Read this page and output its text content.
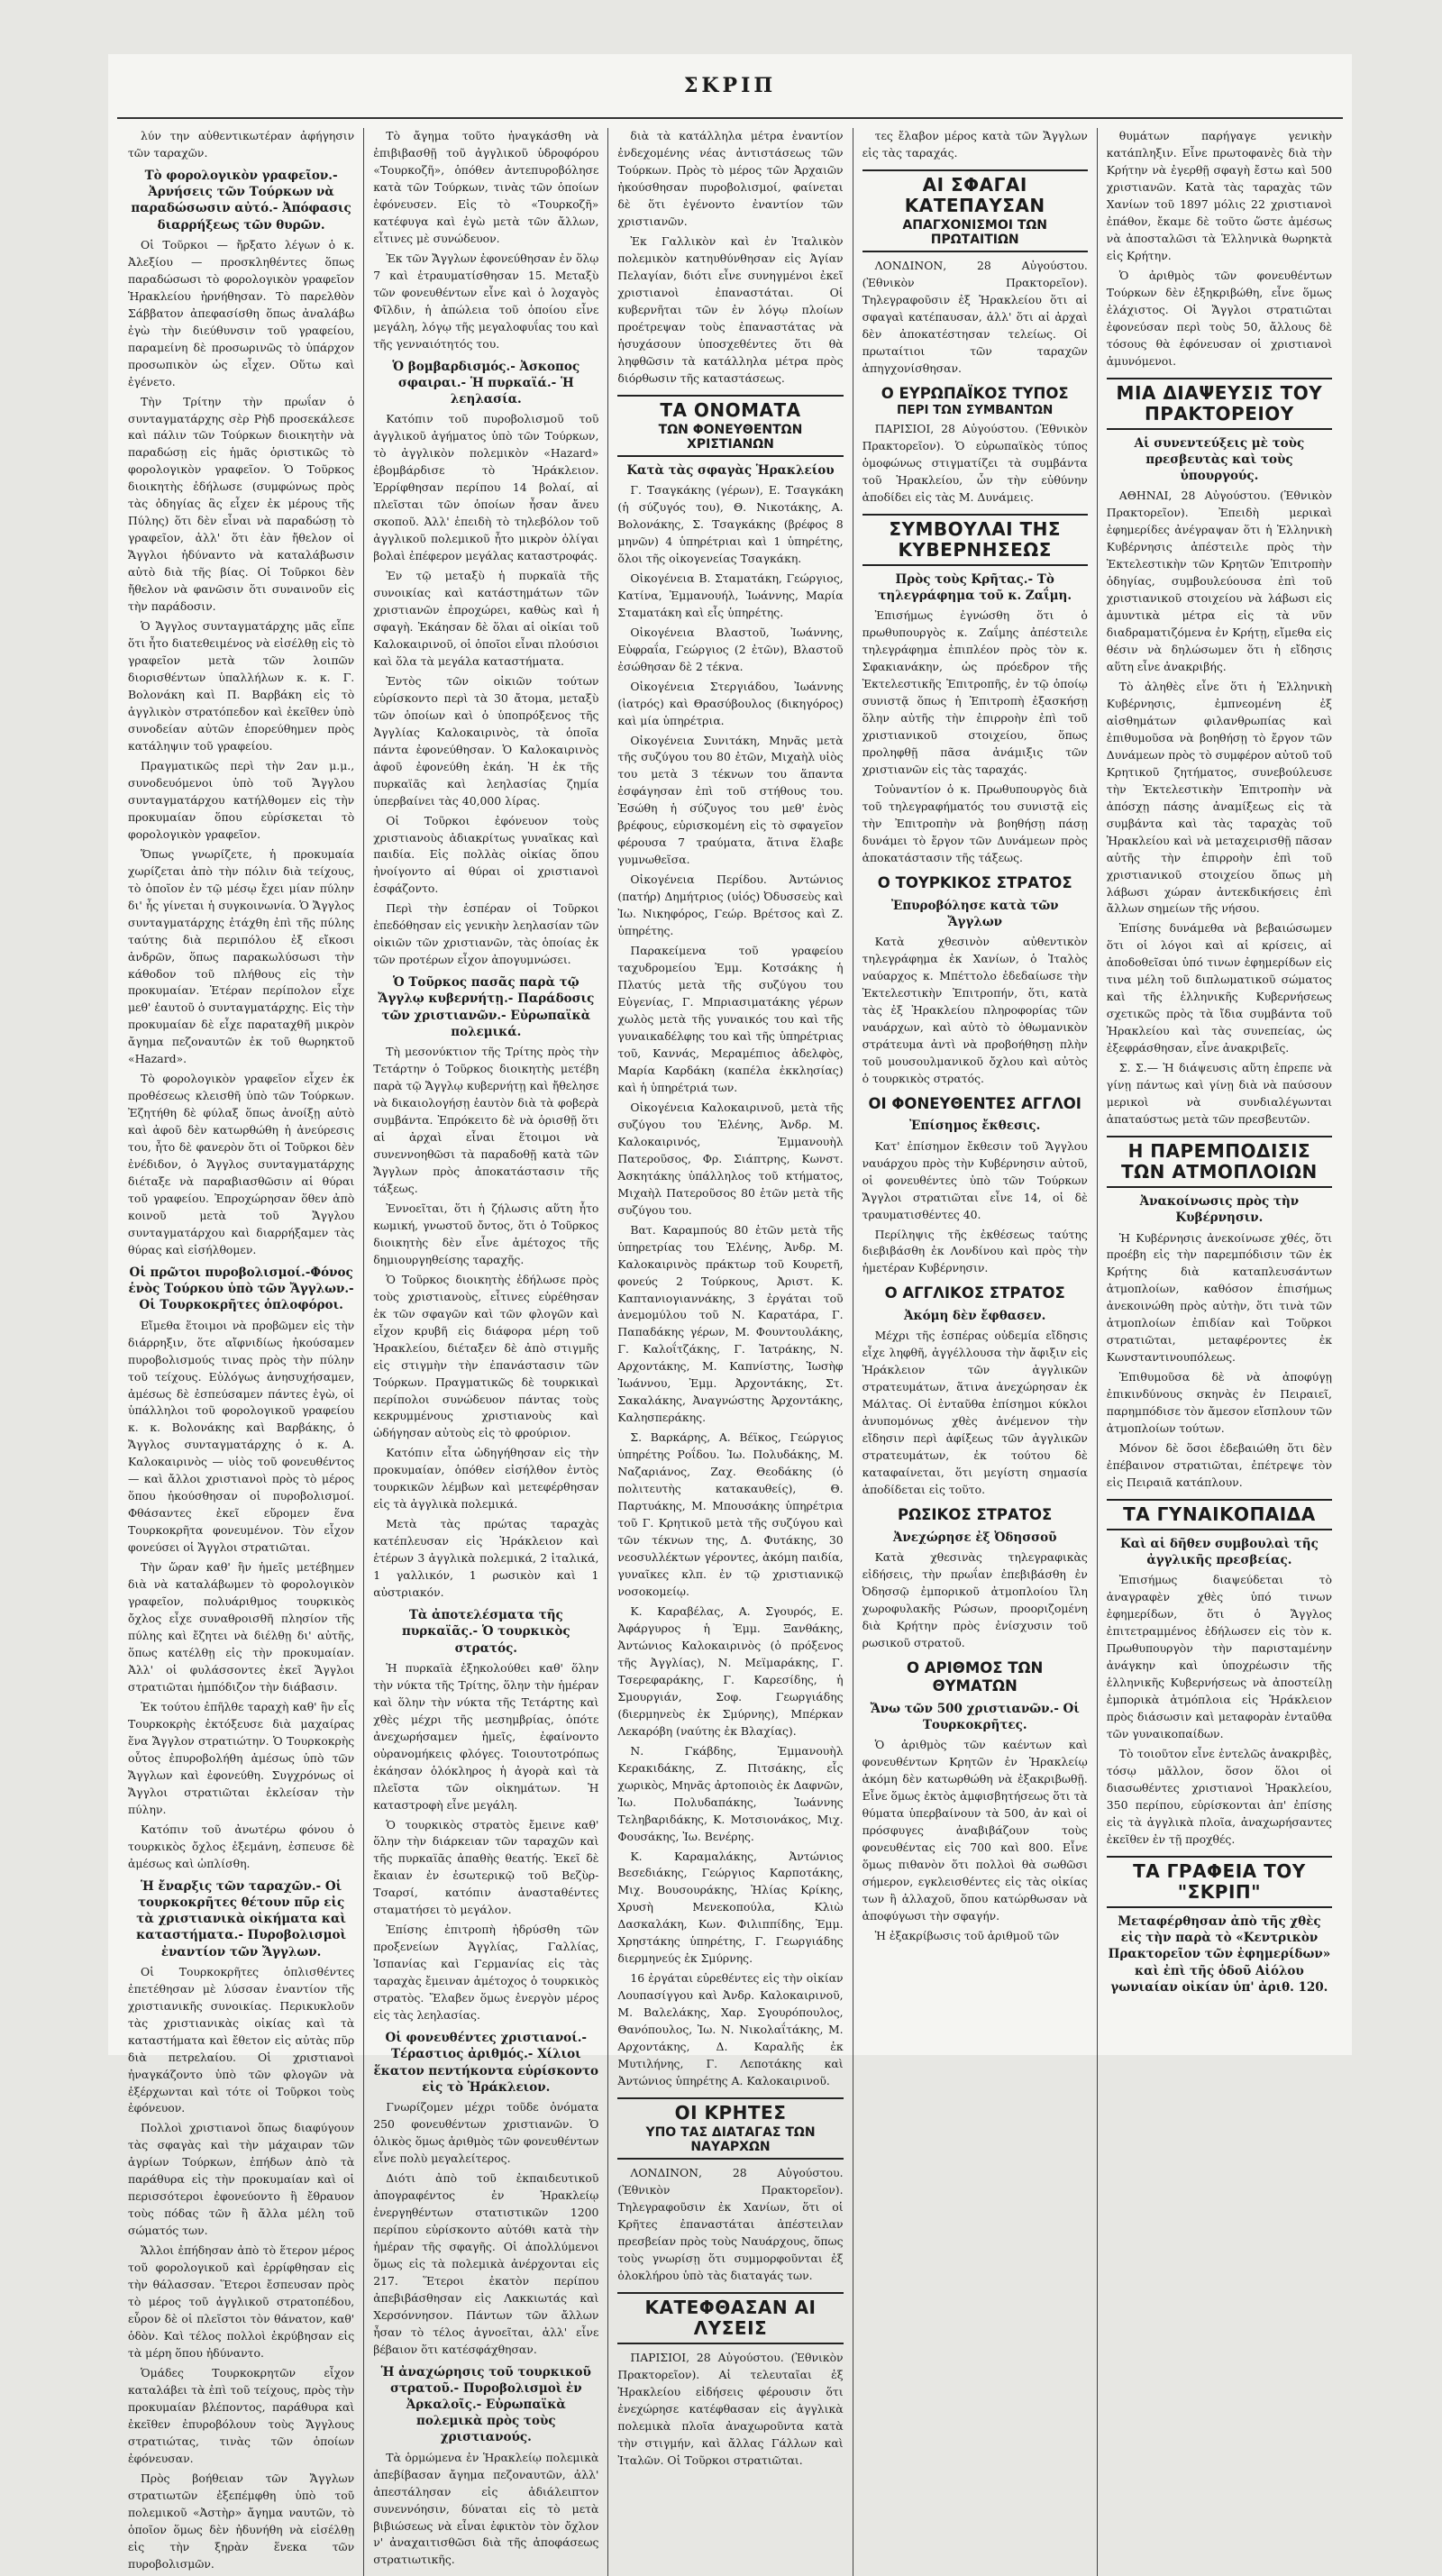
ΣΚΡΙΠ

λύν την αὐθεντικωτέραν ἀφήγησιν τῶν ταραχῶν.

Τὸ φορολογικὸν γραφεῖον.-Ἀρνήσεις τῶν Τούρκων νὰ παραδώσωσιν αὐτό.- Ἀπόφασις διαρρήξεως τῶν θυρῶν.

Οἱ Τοῦρκοι — ἤρξατο λέγων ὁ κ. Ἀλεξίου — προσκληθέντες ὅπως παραδώσωσι τὸ φορολογικὸν γραφεῖον Ἡρακλείου ἠρνήθησαν. Τὸ παρελθὸν Σάββατον ἀπεφασίσθη ὅπως ἀναλάβω ἐγὼ τὴν διεύθυνσιν τοῦ γραφείου, παραμείνη δὲ προσωρινῶς τὸ ὑπάρχον προσωπικὸν ὡς εἶχεν. Οὕτω καὶ ἐγένετο.

Τὴν Τρίτην τὴν πρωΐαν ὁ συνταγματάρχης σὲρ Ρὴδ προσεκάλεσε καὶ πάλιν τῶν Τούρκων διοικητὴν νὰ παραδώσῃ εἰς ἡμᾶς ὁριστικῶς τὸ φορολογικὸν γραφεῖον. Ὁ Τοῦρκος διοικητὴς ἐδήλωσε (συμφώνως πρὸς τὰς ὁδηγίας ἃς εἶχεν ἐκ μέρους τῆς Πύλης) ὅτι δὲν εἶναι νὰ παραδώσῃ τὸ γραφεῖον, ἀλλ' ὅτι ἐὰν ἤθελον οἱ Ἄγγλοι ἠδύναντο νὰ καταλάβωσιν αὐτὸ διὰ τῆς βίας. Οἱ Τοῦρκοι δὲν ἤθελον νὰ φανῶσιν ὅτι συναινοῦν εἰς τὴν παράδοσιν.

Ὁ Ἄγγλος συνταγματάρχης μᾶς εἶπε ὅτι ἦτο διατεθειμένος νὰ εἰσέλθῃ εἰς τὸ γραφεῖον μετὰ τῶν λοιπῶν διορισθέντων ὑπαλλήλων κ. κ. Γ. Βολονάκη καὶ Π. Βαρβάκη εἰς τὸ ἀγγλικὸν στρατόπεδον καὶ ἐκεῖθεν ὑπὸ συνοδείαν αὐτῶν ἐπορεύθημεν πρὸς κατάληψιν τοῦ γραφείου.

Πραγματικῶς περὶ τὴν 2αν μ.μ., συνοδευόμενοι ὑπὸ τοῦ Ἄγγλου συνταγματάρχου κατήλθομεν εἰς τὴν προκυμαίαν ὅπου εὑρίσκεται τὸ φορολογικὸν γραφεῖον.

Ὅπως γνωρίζετε, ἡ προκυμαία χωρίζεται ἀπὸ τὴν πόλιν διὰ τείχους, τὸ ὁποῖον ἐν τῷ μέσῳ ἔχει μίαν πύλην δι' ἧς γίνεται ἡ συγκοινωνία. Ὁ Ἄγγλος συνταγματάρχης ἐτάχθη ἐπὶ τῆς πύλης ταύτης διὰ περιπόλου ἐξ εἴκοσι ἀνδρῶν, ὅπως παρακωλύσωσι τὴν κάθοδον τοῦ πλήθους εἰς τὴν προκυμαίαν. Ἑτέραν περίπολον εἶχε μεθ' ἑαυτοῦ ὁ συνταγματάρχης. Εἰς τὴν προκυμαίαν δὲ εἶχε παραταχθῆ μικρὸν ἄγημα πεζοναυτῶν ἐκ τοῦ θωρηκτοῦ «Hazard».

Τὸ φορολογικὸν γραφεῖον εἶχεν ἐκ προθέσεως κλεισθῆ ὑπὸ τῶν Τούρκων. Ἐζητήθη δὲ φύλαξ ὅπως ἀνοίξῃ αὐτὸ καὶ ἀφοῦ δὲν κατωρθώθη ἡ ἀνεύρεσις του, ἦτο δὲ φανερὸν ὅτι οἱ Τοῦρκοι δὲν ἐνέδιδον, ὁ Ἄγγλος συνταγματάρχης διέταξε νὰ παραβιασθῶσιν αἱ θύραι τοῦ γραφείου. Ἐπροχώρησαν ὅθεν ἀπὸ κοινοῦ μετὰ τοῦ Ἄγγλου συνταγματάρχου καὶ διαρρήξαμεν τὰς θύρας καὶ εἰσήλθομεν.

Οἱ πρῶτοι πυροβολισμοί.-Φόνος ἑνὸς Τούρκου ὑπὸ τῶν Ἄγγλων.-Οἱ Τουρκοκρῆτες ὁπλοφόροι.

Εἴμεθα ἕτοιμοι νὰ προβῶμεν εἰς τὴν διάρρηξιν, ὅτε αἴφνιδίως ἠκούσαμεν πυροβολισμούς τινας πρὸς τὴν πύλην τοῦ τείχους. Εὐλόγως ἀνησυχήσαμεν, ἀμέσως δὲ ἐσπεύσαμεν πάντες ἐγὼ, οἱ ὑπάλληλοι τοῦ φορολογικοῦ γραφείου κ. κ. Βολονάκης καὶ Βαρβάκης, ὁ Ἄγγλος συνταγματάρχης ὁ κ. Α. Καλοκαιρινὸς — υἱὸς τοῦ φονευθέντος — καὶ ἄλλοι χριστιανοὶ πρὸς τὸ μέρος ὅπου ἠκούσθησαν οἱ πυροβολισμοί. Φθάσαντες ἐκεῖ εὕρομεν ἕνα Τουρκοκρῆτα φονευμένον. Τὸν εἶχον φονεύσει οἱ Ἄγγλοι στρατιῶται.

Τὴν ὥραν καθ' ἣν ἡμεῖς μετέβημεν διὰ νὰ καταλάβωμεν τὸ φορολογικὸν γραφεῖον, πολυάριθμος τουρκικὸς ὄχλος εἶχε συναθροισθῆ πλησίον τῆς πύλης καὶ ἔζητει νὰ διέλθῃ δι' αὐτῆς, ὅπως κατέλθῃ εἰς τὴν προκυμαίαν. Ἀλλ' οἱ φυλάσσοντες ἐκεῖ Ἄγγλοι στρατιῶται ἠμπόδιζον τὴν διάβασιν.

Ἐκ τούτου ἐπῆλθε ταραχὴ καθ' ἣν εἷς Τουρκοκρὴς ἐκτόξευσε διὰ μαχαίρας ἕνα Ἄγγλον στρατιώτην. Ὁ Τουρκοκρὴς οὗτος ἐπυροβολήθη ἀμέσως ὑπὸ τῶν Ἄγγλων καὶ ἐφονεύθη. Συγχρόνως οἱ Ἄγγλοι στρατιῶται ἐκλείσαν τὴν πύλην.

Κατόπιν τοῦ ἀνωτέρω φόνου ὁ τουρκικὸς ὄχλος ἐξεμάνη, ἐσπευσε δὲ ἀμέσως καὶ ὡπλίσθη.

Ἡ ἔναρξις τῶν ταραχῶν.- Οἱ τουρκοκρῆτες θέτουν πῦρ εἰς τὰ χριστιανικὰ οἰκήματα καὶ καταστήματα.- Πυροβολισμοὶ ἐναντίον τῶν Ἄγγλων.

Οἱ Τουρκοκρῆτες ὁπλισθέντες ἐπετέθησαν μὲ λύσσαν ἐναντίον τῆς χριστιανικῆς συνοικίας. Περικυκλοῦν τὰς χριστιανικὰς οἰκίας καὶ τὰ καταστήματα καὶ ἔθετον εἰς αὐτὰς πῦρ διὰ πετρελαίου. Οἱ χριστιανοὶ ἠναγκάζοντο ὑπὸ τῶν φλογῶν νὰ ἐξέρχωνται καὶ τότε οἱ Τοῦρκοι τοὺς ἐφόνευον.

Πολλοὶ χριστιανοὶ ὅπως διαφύγουν τὰς σφαγὰς καὶ τὴν μάχαιραν τῶν ἀγρίων Τούρκων, ἐπήδων ἀπὸ τὰ παράθυρα εἰς τὴν προκυμαίαν καὶ οἱ περισσότεροι ἐφονεύοντο ἢ ἔθραυον τοὺς πόδας τῶν ἢ ἄλλα μέλη τοῦ σώματός των.

Ἄλλοι ἐπήδησαν ἀπὸ τὸ ἕτερον μέρος τοῦ φορολογικοῦ καὶ ἐρρίφθησαν εἰς τὴν θάλασσαν. Ἕτεροι ἔσπευσαν πρὸς τὸ μέρος τοῦ ἀγγλικοῦ στρατοπέδου, εὗρον δὲ οἱ πλεῖστοι τὸν θάνατον, καθ' ὁδὸν. Καὶ τέλος πολλοὶ ἐκρύβησαν εἰς τὰ μέρη ὅπου ἠδύναντο.

Ὁμάδες Τουρκοκρητῶν εἶχον καταλάβει τὰ ἐπὶ τοῦ τείχους, πρὸς τὴν προκυμαίαν βλέποντος, παράθυρα καὶ ἐκεῖθεν ἐπυροβόλουν τοὺς Ἄγγλους στρατιώτας, τινὰς τῶν ὁποίων ἐφόνευσαν.

Πρὸς βοήθειαν τῶν Ἄγγλων στρατιωτῶν ἐξεπέμφθη ὑπὸ τοῦ πολεμικοῦ «Ἀστὴρ» ἄγημα ναυτῶν, τὸ ὁποῖον ὅμως δὲν ἠδυνήθη νὰ εἰσέλθῃ εἰς τὴν ξηρὰν ἕνεκα τῶν πυροβολισμῶν.

Τὸ ἄγημα τοῦτο ἠναγκάσθη νὰ ἐπιβιβασθῇ τοῦ ἀγγλικοῦ ὑδροφόρου «Τουρκοζῆ», ὁπόθεν ἀντεπυροβόλησε κατὰ τῶν Τούρκων, τινὰς τῶν ὁποίων ἐφόνευσεν. Εἰς τὸ «Τουρκοζῆ» κατέφυγα καὶ ἐγὼ μετὰ τῶν ἄλλων, εἶτινες μὲ συνώδευον.

Ἐκ τῶν Ἄγγλων ἐφονεύθησαν ἐν ὅλῳ 7 καὶ ἐτραυματίσθησαν 15. Μεταξὺ τῶν φονευθέντων εἶνε καὶ ὁ λοχαγὸς Φῖλδιν, ἡ ἀπώλεια τοῦ ὁποίου εἶνε μεγάλη, λόγῳ τῆς μεγαλοφυΐας του καὶ τῆς γενναιότητός του.

Ὁ βομβαρδισμός.- Ἀσκοπος σφαιραι.- Ἡ πυρκαϊά.- Ἡ λεηλασία.

Κατόπιν τοῦ πυροβολισμοῦ τοῦ ἀγγλικοῦ ἀγήματος ὑπὸ τῶν Τούρκων, τὸ ἀγγλικὸν πολεμικὸν «Hazard» ἐβομβάρδισε τὸ Ἡράκλειον. Ἐρρίφθησαν περίπου 14 βολαί, αἱ πλεῖσται τῶν ὁποίων ἦσαν ἄνευ σκοποῦ. Ἀλλ' ἐπειδὴ τὸ τηλεβόλον τοῦ ἀγγλικοῦ πολεμικοῦ ἦτο μικρὸν ὀλίγαι βολαὶ ἐπέφερον μεγάλας καταστροφάς.

Ἐν τῷ μεταξὺ ἡ πυρκαϊὰ τῆς συνοικίας καὶ κατάστημάτων τῶν χριστιανῶν ἐπροχώρει, καθὼς καὶ ἡ σφαγὴ. Ἐκάησαν δὲ ὅλαι αἱ οἰκίαι τοῦ Καλοκαιρινοῦ, οἱ ὁποῖοι εἶναι πλούσιοι καὶ ὅλα τὰ μεγάλα καταστήματα.

Ἐντὸς τῶν οἰκιῶν τούτων εὑρίσκοντο περὶ τὰ 30 ἄτομα, μεταξὺ τῶν ὁποίων καὶ ὁ ὑποπρόξενος τῆς Ἀγγλίας Καλοκαιρινὸς, τὰ ὁποῖα πάντα ἐφονεύθησαν. Ὁ Καλοκαιρινὸς ἀφοῦ ἐφονεύθη ἐκάη. Ἡ ἐκ τῆς πυρκαϊᾶς καὶ λεηλασίας ζημία ὑπερβαίνει τὰς 40,000 λίρας.

Οἱ Τοῦρκοι ἐφόνευον τοὺς χριστιανοὺς ἀδιακρίτως γυναῖκας καὶ παιδία. Εἰς πολλὰς οἰκίας ὅπου ἠνοίγοντο αἱ θύραι οἱ χριστιανοὶ ἐσφάζοντο.

Περὶ τὴν ἑσπέραν οἱ Τοῦρκοι ἐπεδόθησαν εἰς γενικὴν λεηλασίαν τῶν οἰκιῶν τῶν χριστιανῶν, τὰς ὁποίας ἐκ τῶν προτέρων εἶχον ἀπογυμνώσει.

Ὁ Τοῦρκος πασᾶς παρὰ τῷ Ἄγγλῳ κυβερνήτῃ.- Παράδοσις τῶν χριστιανῶν.- Εὐρωπαϊκὰ πολεμικά.

Τὴ μεσονύκτιον τῆς Τρίτης πρὸς τὴν Τετάρτην ὁ Τοῦρκος διοικητὴς μετέβη παρὰ τῷ Ἄγγλῳ κυβερνήτῃ καὶ ἤθελησε νὰ δικαιολογήσῃ ἑαυτὸν διὰ τὰ φοβερὰ συμβάντα. Ἐπρόκειτο δὲ νὰ ὁρισθῇ ὅτι αἱ ἀρχαὶ εἶναι ἕτοιμοι νὰ συνεννοηθῶσι τὰ παραδοθῇ κατὰ τῶν Ἄγγλων πρὸς ἀποκατάστασιν τῆς τάξεως.

Ἐννοεῖται, ὅτι ἡ ζήλωσις αὕτη ἦτο κωμική, γνωστοῦ ὄντος, ὅτι ὁ Τοῦρκος διοικητὴς δὲν εἶνε ἀμέτοχος τῆς δημιουργηθείσης ταραχῆς.

Ὁ Τοῦρκος διοικητὴς ἐδήλωσε πρὸς τοὺς χριστιανοὺς, εἶτινες εὑρέθησαν ἐκ τῶν σφαγῶν καὶ τῶν φλογῶν καὶ εἶχον κρυβῆ εἰς διάφορα μέρη τοῦ Ἡρακλείου, διέταξεν δὲ ἀπὸ στιγμῆς εἰς στιγμὴν τὴν ἐπανάστασιν τῶν Τούρκων. Πραγματικῶς δὲ τουρκικαὶ περίπολοι συνώδευον πάντας τοὺς κεκρυμμένους χριστιανοὺς καὶ ὡδήγησαν αὐτοὺς εἰς τὸ φρούριον.

Κατόπιν εἶτα ὡδηγήθησαν εἰς τὴν προκυμαίαν, ὁπόθεν εἰσήλθον ἐντὸς τουρκικῶν λέμβων καὶ μετεφέρθησαν εἰς τὰ ἀγγλικὰ πολεμικά.

Μετὰ τὰς πρώτας ταραχὰς κατέπλευσαν εἰς Ἡράκλειον καὶ ἑτέρων 3 ἀγγλικὰ πολεμικά, 2 ἰταλικά, 1 γαλλικόν, 1 ρωσικὸν καὶ 1 αὐστριακόν.

Τὰ ἀποτελέσματα τῆς πυρκαϊᾶς.- Ὁ τουρκικὸς στρατός.

Ἡ πυρκαϊὰ ἐξηκολούθει καθ' ὅλην τὴν νύκτα τῆς Τρίτης, ὅλην τὴν ἡμέραν καὶ ὅλην τὴν νύκτα τῆς Τετάρτης καὶ χθὲς μέχρι τῆς μεσημβρίας, ὁπότε ἀνεχωρήσαμεν ἡμεῖς, ἐφαίνοντο οὐρανομήκεις φλόγες. Τοιουτοτρόπως ἐκάησαν ὁλόκληρος ἡ ἀγορὰ καὶ τὰ πλεῖστα τῶν οἰκημάτων. Ἡ καταστροφὴ εἶνε μεγάλη.

Ὁ τουρκικὸς στρατὸς ἔμεινε καθ' ὅλην τὴν διάρκειαν τῶν ταραχῶν καὶ τῆς πυρκαϊᾶς ἀπαθὴς θεατής. Ἐκεῖ δὲ ἔκαιαν ἐν ἐσωτερικῷ τοῦ Βεζὺρ-Τσαρσί, κατόπιν ἀνασταθέντες σταματήσει τὸ μεγάλον.

Ἐπίσης ἐπιτροπὴ ἠδρύσθη τῶν προξενείων Ἀγγλίας, Γαλλίας, Ἰσπανίας καὶ Γερμανίας εἰς τὰς ταραχὰς ἔμειναν ἀμέτοχος ὁ τουρκικὸς στρατὸς. Ἔλαβεν ὅμως ἐνεργὸν μέρος εἰς τὰς λεηλασίας.

Οἱ φονευθέντες χριστιανοί.- Τέραστιος ἀριθμός.- Χίλιοι ἕκατον πεντήκοντα εὑρίσκοντο εἰς τὸ Ἡράκλειον.

Γνωρίζομεν μέχρι τοῦδε ὀνόματα 250 φονευθέντων χριστιανῶν. Ὁ ὁλικὸς ὅμως ἀριθμὸς τῶν φονευθέντων εἶνε πολὺ μεγαλείτερος.

Διότι ἀπὸ τοῦ ἐκπαιδευτικοῦ ἀπογραφέντος ἐν Ἡρακλείῳ ἐνεργηθέντων στατιστικῶν 1200 περίπου εὑρίσκοντο αὐτόθι κατὰ τὴν ἡμέραν τῆς σφαγῆς. Οἱ ἀπολλύμενοι ὅμως εἰς τὰ πολεμικὰ ἀνέρχονται εἰς 217. Ἕτεροι ἐκατὸν περίπου ἀπεβιβάσθησαν εἰς Λακκιωτάς καὶ Χερσόννησον. Πάντων τῶν ἄλλων ἦσαν τὸ τέλος ἀγνοεῖται, ἀλλ' εἶνε βέβαιον ὅτι κατέσφάχθησαν.

Ἡ ἀναχώρησις τοῦ τουρκικοῦ στρατοῦ.- Πυροβολισμοὶ ἐν Ἀρκαλοῖς.- Εὐρωπαϊκὰ πολεμικὰ πρὸς τοὺς χριστιανούς.

Τὰ ὁρμώμενα ἐν Ἡρακλείῳ πολεμικὰ ἀπεβίβασαν ἄγημα πεζοναυτῶν, ἀλλ' ἀπεστάλησαν εἰς ἀδιάλειπτον συνεννόησιν, δύναται εἰς τὸ μετὰ βιβιώσεως νὰ εἶναι ἐφικτὸν τὸν ὄχλον ν' ἀναχαιτισθῶσι διὰ τῆς ἀποφάσεως στρατιωτικῆς.

διὰ τὰ κατάλληλα μέτρα ἐναντίον ἐνδεχομένης νέας ἀντιστάσεως τῶν Τούρκων. Πρὸς τὸ μέρος τῶν Ἀρχαιῶν ἠκούσθησαν πυροβολισμοί, φαίνεται δὲ ὅτι ἐγένοντο ἐναντίον τῶν χριστιανῶν.

Ἐκ Γαλλικὸν καὶ ἐν Ἰταλικὸν πολεμικὸν κατηυθύνθησαν εἰς Ἀγίαν Πελαγίαν, διότι εἶνε συνηγμένοι ἐκεῖ χριστιανοὶ ἐπαναστάται. Οἱ κυβερνῆται τῶν ἐν λόγῳ πλοίων προέτρεψαν τοὺς ἐπαναστάτας νὰ ἡσυχάσουν ὑποσχεθέντες ὅτι θὰ ληφθῶσιν τὰ κατάλληλα μέτρα πρὸς διόρθωσιν τῆς καταστάσεως.

ΤΑ ΟΝΟΜΑΤΑ
ΤΩΝ ΦΟΝΕΥΘΕΝΤΩΝ ΧΡΙΣΤΙΑΝΩΝ
Κατὰ τὰς σφαγὰς Ἡρακλείου

Γ. Τσαγκάκης (γέρων), Ε. Τσαγκάκη (ἡ σύζυγός του), Θ. Νικοτάκης, Α. Βολονάκης, Σ. Τσαγκάκης (βρέφος 8 μηνῶν) 4 ὑπηρέτριαι καὶ 1 ὑπηρέτης, ὅλοι τῆς οἰκογενείας Τσαγκάκη.

Οἰκογένεια Β. Σταματάκη, Γεώργιος, Κατίνα, Ἐμμανουήλ, Ἰωάννης, Μαρία Σταματάκη καὶ εἷς ὑπηρέτης.

Οἰκογένεια Βλαστοῦ, Ἰωάννης, Εὐφραΐα, Γεώργιος (2 ἐτῶν), Βλαστοῦ ἐσώθησαν δὲ 2 τέκνα.

Οἰκογένεια Στεργιάδου, Ἰωάννης (ἰατρός) καὶ Θρασύβουλος (δικηγόρος) καὶ μία ὑπηρέτρια.

Οἰκογένεια Συνιτάκη, Μηνᾶς μετὰ τῆς συζύγου του 80 ἐτῶν, Μιχαὴλ υἱὸς του μετὰ 3 τέκνων του ἅπαντα ἐσφάγησαν ἐπὶ τοῦ στήθους του. Ἐσώθη ἡ σύζυγος του μεθ' ἑνὸς βρέφους, εὑρισκομένη εἰς τὸ σφαγεῖον φέρουσα 7 τραύματα, ἅτινα ἔλαβε γυμνωθεῖσα.

Οἰκογένεια Περίδου. Ἀντώνιος (πατήρ) Δημήτριος (υἱός) Ὀδυσσεὺς καὶ Ἰω. Νικηφόρος, Γεώρ. Βρέτσος καὶ Ζ. ὑπηρέτης.

Παρακείμενα τοῦ γραφείου ταχυδρομείου Ἐμμ. Κοτσάκης ἡ Πλατύς μετὰ τῆς συζύγου του Εὐγενίας, Γ. Μπριασιματάκης γέρων χωλὸς μετὰ τῆς γυναικός του καὶ τῆς γυναικαδέλφης του καὶ τῆς ὑπηρέτριας τοῦ, Καννάς, Μεραμέπιος ἀδελφὸς, Μαρία Καρδάκη (καπέλα ἐκκλησίας) καὶ ἡ ὑπηρέτριά των.

Οἰκογένεια Καλοκαιρινοῦ, μετὰ τῆς συζύγου του Ἑλένης, Ἀνδρ. Μ. Καλοκαιρινός, Ἐμμανουὴλ Πατεροῦσος, Φρ. Σιάπτρης, Κωνστ. Ἀσκητάκης ὑπάλληλος τοῦ κτήματος, Μιχαὴλ Πατεροῦσος 80 ἐτῶν μετὰ τῆς συζύγου του.

Βατ. Καραμπούς 80 ἐτῶν μετὰ τῆς ὑπηρετρίας του Ἑλένης, Ἀνδρ. Μ. Καλοκαιρινὸς πράκτωρ τοῦ Κουρετῆ, φονεύς 2 Τούρκους, Ἀριστ. Κ. Καπτανιογιαννάκης, 3 ἐργάται τοῦ ἀνεμομύλου τοῦ Ν. Καρατάρα, Γ. Παπαδάκης γέρων, Μ. Φουντουλάκης, Γ. Καλοΐτζάκης, Γ. Ἰατράκης, Ν. Αρχοντάκης, Μ. Καπνίστης, Ἰωσὴφ Ἰωάννου, Ἐμμ. Ἀρχοντάκης, Στ. Σακαλάκης, Ἀναγνώστης Ἀρχοντάκης, Καλησπεράκης.

Σ. Βαρκάρης, Α. Βέϊκος, Γεώργιος ὑπηρέτης Ροΐδου. Ἰω. Πολυδάκης, Μ. Ναζαριάνος, Ζαχ. Θεοδάκης (ὁ πολιτευτὴς κατακαυθείς), Θ. Παρτυάκης, Μ. Μπουσάκης ὑπηρέτρια τοῦ Γ. Κρητικοῦ μετὰ τῆς συζύγου καὶ τῶν τέκνων της, Δ. Φυτάκης, 30 νεοσυλλέκτων γέροντες, ἀκόμη παιδία, γυναῖκες κλπ. ἐν τῷ χριστιανικῷ νοσοκομείῳ.

Κ. Καραβέλας, Α. Σγουρός, Ε. Ἀφάργυρος ἡ Ἐμμ. Ξανθάκης, Ἀντώνιος Καλοκαιρινὸς (ὁ πρόξενος τῆς Ἀγγλίας), Ν. Μεϊμαράκης, Γ. Τσερεφαράκης, Γ. Καρεσίδης, ἡ Σμουργιάν, Σοφ. Γεωργιάδης (διερμηνεὺς ἐκ Σμύρνης), Μπέρκαν Λεκαρόβη (ναύτης ἐκ Βλαχίας).

Ν. Γκάβδης, Ἐμμανουὴλ Κερακιδάκης, Ζ. Πιτσάκης, εἷς χωρικὸς, Μηνᾶς ἀρτοποιὸς ἐκ Δαφνῶν, Ἰω. Πολυδαπάκης, Ἰωάννης Τεληβαριδάκης, Κ. Μοτσιονάκος, Μιχ. Φουσάκης, Ἰω. Βενέρης.

Κ. Καραμαλάκης, Ἀντώνιος Βεσεδιάκης, Γεώργιος Καρποτάκης, Μιχ. Βουσουράκης, Ἠλίας Κρίκης, Χρυσὴ Μενεκοπούλα, Κλιὼ Δασκαλάκη, Κων. Φιλιππίδης, Ἐμμ. Χρηστάκης ὑπηρέτης, Γ. Γεωργιάδης διερμηνεύς ἐκ Σμύρνης.

16 ἐργάται εὑρεθέντες εἰς τὴν οἰκίαν Λουπασίγγου καὶ Ἀνδρ. Καλοκαιρινοῦ, Μ. Βαλελάκης, Χαρ. Σγουρόπουλος, Θανόπουλος, Ἰω. Ν. Νικολαΐτάκης, Μ. Αρχοντάκης, Δ. Καραλῆς ἐκ Μυτιλήνης, Γ. Λεποτάκης καὶ Ἀντώνιος ὑπηρέτης Α. Καλοκαιρινοῦ.

ΟΙ ΚΡΗΤΕΣ
ΥΠΟ ΤΑΣ ΔΙΑΤΑΓΑΣ ΤΩΝ ΝΑΥΑΡΧΩΝ

ΛΟΝΔΙΝΟΝ, 28 Αὐγούστου. (Ἐθνικὸν Πρακτορεῖον). Τηλεγραφοῦσιν ἐκ Χανίων, ὅτι οἱ Κρῆτες ἐπαναστάται ἀπέστειλαν πρεσβείαν πρὸς τοὺς Ναυάρχους, ὅπως τοὺς γνωρίσῃ ὅτι συμμορφοῦνται ἐξ ὁλοκλήρου ὑπὸ τὰς διαταγάς των.

ΚΑΤΕΦΘΑΣΑΝ ΑΙ ΛΥΣΕΙΣ

ΠΑΡΙΣΙΟΙ, 28 Αὐγούστου. (Ἐθνικὸν Πρακτορεῖον). Αἱ τελευταῖαι ἐξ Ἡρακλείου εἰδήσεις φέρουσιν ὅτι ἐνεχώρησε κατέφθασαν εἰς ἀγγλικὰ πολεμικὰ πλοῖα ἀναχωροῦντα κατὰ τὴν στιγμήν, καὶ ἄλλας Γάλλων καὶ Ἰταλῶν. Οἱ Τοῦρκοι στρατιῶται.

τες ἔλαβον μέρος κατὰ τῶν Ἄγγλων εἰς τὰς ταραχάς.

ΑΙ ΣΦΑΓΑΙ ΚΑΤΕΠΑΥΣΑΝ
ΑΠΑΓΧΟΝΙΣΜΟΙ ΤΩΝ ΠΡΩΤΑΙΤΙΩΝ

ΛΟΝΔΙΝΟΝ, 28 Αὐγούστου. (Ἐθνικὸν Πρακτορεῖον). Τηλεγραφοῦσιν ἐξ Ἡρακλείου ὅτι αἱ σφαγαὶ κατέπαυσαν, ἀλλ' ὅτι αἱ ἀρχαὶ δὲν ἀποκατέστησαν τελείως. Οἱ πρωταίτιοι τῶν ταραχῶν ἀπηγχονίσθησαν.

Ο ΕΥΡΩΠΑΪΚΟΣ ΤΥΠΟΣ
ΠΕΡΙ ΤΩΝ ΣΥΜΒΑΝΤΩΝ

ΠΑΡΙΣΙΟΙ, 28 Αὐγούστου. (Ἐθνικὸν Πρακτορεῖον). Ὁ εὐρωπαϊκὸς τύπος ὁμοφώνως στιγματίζει τὰ συμβάντα τοῦ Ἡρακλείου, ὧν τὴν εὐθύνην ἀποδίδει εἰς τὰς Μ. Δυνάμεις.

ΣΥΜΒΟΥΛΑΙ ΤΗΣ ΚΥΒΕΡΝΗΣΕΩΣ
Πρὸς τοὺς Κρῆτας.- Τὸ τηλεγράφημα τοῦ κ. Ζαΐμη.

Ἐπισήμως ἐγνώσθη ὅτι ὁ πρωθυπουργὸς κ. Ζαΐμης ἀπέστειλε τηλεγράφημα ἐπιπλέον πρὸς τὸν κ. Σφακιανάκην, ὡς πρόεδρον τῆς Ἐκτελεστικῆς Ἐπιτροπῆς, ἐν τῷ ὁποίῳ συνιστᾷ ὅπως ἡ Ἐπιτροπὴ ἐξασκήσῃ ὅλην αὐτῆς τὴν ἐπιρροὴν ἐπὶ τοῦ χριστιανικοῦ στοιχείου, ὅπως προληφθῇ πᾶσα ἀνάμιξις τῶν χριστιανῶν εἰς τὰς ταραχάς.

Τοὐναντίον ὁ κ. Πρωθυπουργὸς διὰ τοῦ τηλεγραφήματός του συνιστᾷ εἰς τὴν Ἐπιτροπὴν νὰ βοηθήσῃ πάσῃ δυνάμει τὸ ἔργον τῶν Δυνάμεων πρὸς ἀποκατάστασιν τῆς τάξεως.

Ο ΤΟΥΡΚΙΚΟΣ ΣΤΡΑΤΟΣ
Ἐπυροβόλησε κατὰ τῶν Ἄγγλων

Κατὰ χθεσινὸν αὐθεντικὸν τηλεγράφημα ἐκ Χανίων, ὁ Ἰταλὸς ναύαρχος κ. Μπέττολο ἐδεδαίωσε τὴν Ἐκτελεστικὴν Ἐπιτροπήν, ὅτι, κατὰ τὰς ἐξ Ἡρακλείου πληροφορίας τῶν ναυάρχων, καὶ αὐτὸ τὸ ὀθωμανικὸν στράτευμα ἀντὶ νὰ προβοήθησῃ πλὴν τοῦ μουσουλμανικοῦ ὄχλου καὶ αὐτὸς ὁ τουρκικὸς στρατός.

ΟΙ ΦΟΝΕΥΘΕΝΤΕΣ ΑΓΓΛΟΙ
Ἐπίσημος ἔκθεσις.

Κατ' ἐπίσημον ἔκθεσιν τοῦ Ἄγγλου ναυάρχου πρὸς τὴν Κυβέρνησιν αὐτοῦ, οἱ φονευθέντες ὑπὸ τῶν Τούρκων Ἄγγλοι στρατιῶται εἶνε 14, οἱ δὲ τραυματισθέντες 40.

Περίληψις τῆς ἐκθέσεως ταύτης διεβιβάσθη ἐκ Λονδίνου καὶ πρὸς τὴν ἡμετέραν Κυβέρνησιν.

Ο ΑΓΓΛΙΚΟΣ ΣΤΡΑΤΟΣ
Ἀκόμη δὲν ἔφθασεν.

Μέχρι τῆς ἑσπέρας οὐδεμία εἴδησις εἶχε ληφθῆ, ἀγγέλλουσα τὴν ἄφιξιν εἰς Ἡράκλειον τῶν ἀγγλικῶν στρατευμάτων, ἅτινα ἀνεχώρησαν ἐκ Μάλτας. Οἱ ἐνταῦθα ἐπίσημοι κύκλοι ἀνυπομόνως χθὲς ἀνέμενον τὴν εἴδησιν περὶ ἀφίξεως τῶν ἀγγλικῶν στρατευμάτων, ἐκ τούτου δὲ καταφαίνεται, ὅτι μεγίστη σημασία ἀποδίδεται εἰς τοῦτο.

ΡΩΣΙΚΟΣ ΣΤΡΑΤΟΣ
Ἀνεχώρησε ἐξ Ὀδησσοῦ

Κατὰ χθεσινὰς τηλεγραφικὰς εἰδήσεις, τὴν πρωΐαν ἐπεβιβάσθη ἐν Ὀδησσῷ ἐμπορικοῦ ἀτμοπλοίου ἴλη χωροφυλακῆς Ρώσων, προοριζομένη διὰ Κρήτην πρὸς ἐνίσχυσιν τοῦ ρωσικοῦ στρατοῦ.

Ο ΑΡΙΘΜΟΣ ΤΩΝ ΘΥΜΑΤΩΝ
Ἄνω τῶν 500 χριστιανῶν.- Οἱ Τουρκοκρῆτες.

Ὁ ἀριθμὸς τῶν καέντων καὶ φονευθέντων Κρητῶν ἐν Ἡρακλείῳ ἀκόμη δὲν κατωρθώθη νὰ ἐξακριβωθῇ. Εἶνε ὅμως ἐκτὸς ἀμφισβητήσεως ὅτι τὰ θύματα ὑπερβαίνουν τὰ 500, ἀν καὶ οἱ πρόσφυγες ἀναβιβάζουν τοὺς φονευθέντας εἰς 700 καὶ 800. Εἶνε ὅμως πιθανὸν ὅτι πολλοὶ θὰ σωθῶσι σήμερον, εγκλεισθέντες εἰς τὰς οἰκίας των ἢ ἀλλαχοῦ, ὅπου κατώρθωσαν νὰ ἀποφύγωσι τὴν σφαγήν.

Ἡ ἐξακρίβωσις τοῦ ἀριθμοῦ τῶν

θυμάτων παρήγαγε γενικὴν κατάπληξιν. Εἶνε πρωτοφανὲς διὰ τὴν Κρήτην νὰ ἐγερθῇ σφαγὴ ἔστω καὶ 500 χριστιανῶν. Κατὰ τὰς ταραχὰς τῶν Χανίων τοῦ 1897 μόλις 22 χριστιανοὶ ἐπάθον, ἔκαμε δὲ τοῦτο ὥστε ἀμέσως νὰ ἀποσταλῶσι τὰ Ἑλληνικὰ θωρηκτὰ εἰς Κρήτην.

Ὁ ἀριθμὸς τῶν φονευθέντων Τούρκων δὲν ἐξηκριβώθη, εἶνε ὅμως ἐλάχιστος. Οἱ Ἄγγλοι στρατιῶται ἐφονεύσαν περὶ τοὺς 50, ἄλλους δὲ τόσους θὰ ἐφόνευσαν οἱ χριστιανοὶ ἀμυνόμενοι.

ΜΙΑ ΔΙΑΨΕΥΣΙΣ ΤΟΥ ΠΡΑΚΤΟΡΕΙΟΥ
Αἱ συνεντεύξεις μὲ τοὺς πρεσβευτὰς καὶ τοὺς ὑπουργούς.

ΑΘΗΝΑΙ, 28 Αὐγούστου. (Ἐθνικὸν Πρακτορεῖον). Ἐπειδὴ μερικαὶ ἐφημερίδες ἀνέγραψαν ὅτι ἡ Ἑλληνικὴ Κυβέρνησις ἀπέστειλε πρὸς τὴν Ἐκτελεστικὴν τῶν Κρητῶν Ἐπιτροπὴν ὁδηγίας, συμβουλεύουσα ἐπὶ τοῦ χριστιανικοῦ στοιχείου νὰ λάβωσι εἰς ἀμυντικὰ μέτρα εἰς τὰ νῦν διαδραματιζόμενα ἐν Κρήτῃ, εἴμεθα εἰς θέσιν νὰ δηλώσωμεν ὅτι ἡ εἴδησις αὕτη εἶνε ἀνακριβής.

Τὸ ἀληθὲς εἶνε ὅτι ἡ Ἑλληνικὴ Κυβέρνησις, ἐμπνεομένη ἐξ αἰσθημάτων φιλανθρωπίας καὶ ἐπιθυμοῦσα νὰ βοηθήσῃ τὸ ἔργον τῶν Δυνάμεων πρὸς τὸ συμφέρον αὐτοῦ τοῦ Κρητικοῦ ζητήματος, συνεβούλευσε τὴν Ἐκτελεστικὴν Ἐπιτροπὴν νὰ ἀπόσχῃ πάσης ἀναμίξεως εἰς τὰ συμβάντα καὶ τὰς ταραχὰς τοῦ Ἡρακλείου καὶ νὰ μεταχειρισθῇ πᾶσαν αὐτῆς τὴν ἐπιρροὴν ἐπὶ τοῦ χριστιανικοῦ στοιχείου ὅπως μὴ λάβωσι χώραν ἀντεκδικήσεις ἐπὶ ἄλλων σημείων τῆς νήσου.

Ἐπίσης δυνάμεθα νὰ βεβαιώσωμεν ὅτι οἱ λόγοι καὶ αἱ κρίσεις, αἱ ἀποδοθεῖσαι ὑπό τινων ἐφημερίδων εἰς τινα μέλη τοῦ διπλωματικοῦ σώματος καὶ τῆς ἑλληνικῆς Κυβερνήσεως σχετικῶς πρὸς τὰ ἴδια συμβάντα τοῦ Ἡρακλείου καὶ τὰς συνεπείας, ὡς ἐξεφράσθησαν, εἶνε ἀνακριβεῖς.

Σ. Σ.— Ἡ διάψευσις αὕτη ἐπρεπε νὰ γίνῃ πάντως καὶ γίνῃ διὰ νὰ παύσουν μερικοὶ νὰ συνδιαλέγωνται ἀπαταύστως μετὰ τῶν πρεσβευτῶν.

Η ΠΑΡΕΜΠΟΔΙΣΙΣ ΤΩΝ ΑΤΜΟΠΛΟΙΩΝ
Ἀνακοίνωσις πρὸς τὴν Κυβέρνησιν.

Ἡ Κυβέρνησις ἀνεκοίνωσε χθές, ὅτι προέβη εἰς τὴν παρεμπόδισιν τῶν ἐκ Κρήτης διὰ καταπλευσάντων ἀτμοπλοίων, καθόσον ἐπισήμως ἀνεκοινώθη πρὸς αὐτὴν, ὅτι τινὰ τῶν ἀτμοπλοίων ἐπιδίαν καὶ Τοῦρκοι στρατιῶται, μεταφέροντες ἐκ Κωνσταντινουπόλεως.

Ἐπιθυμοῦσα δὲ νὰ ἀποφύγῃ ἐπικινδύνους σκηνὰς ἐν Πειραιεῖ, παρημπόδισε τὸν ἄμεσον εἴσπλουν τῶν ἀτμοπλοίων τούτων.

Μόνον δὲ ὅσοι ἐδεβαιώθη ὅτι δὲν ἐπέβαινον στρατιῶται, ἐπέτρεψε τὸν εἰς Πειραιᾶ κατάπλουν.

ΤΑ ΓΥΝΑΙΚΟΠΑΙΔΑ
Καὶ αἱ δῆθεν συμβουλαὶ τῆς ἀγγλικῆς πρεσβείας.

Ἐπισήμως διαψεύδεται τὸ ἀναγραφὲν χθὲς ὑπό τινων ἐφημερίδων, ὅτι ὁ Ἄγγλος ἐπιτετραμμένος ἐδήλωσεν εἰς τὸν κ. Πρωθυπουργὸν τὴν παρισταμένην ἀνάγκην καὶ ὑποχρέωσιν τῆς ἑλληνικῆς Κυβερνήσεως νὰ ἀποστείλῃ ἐμπορικὰ ἀτμόπλοια εἰς Ἡράκλειον πρὸς διάσωσιν καὶ μεταφορὰν ἐνταῦθα τῶν γυναικοπαίδων.

Τὸ τοιοῦτον εἶνε ἐντελῶς ἀνακριβὲς, τόσῳ μᾶλλον, ὅσον ὅλοι οἱ διασωθέντες χριστιανοὶ Ἡρακλείου, 350 περίπου, εὑρίσκονται ἀπ' ἐπίσης εἰς τὰ ἀγγλικὰ πλοῖα, ἀναχωρήσαντες ἐκεῖθεν ἐν τῇ προχθές.

ΤΑ ΓΡΑΦΕΙΑ ΤΟΥ "ΣΚΡΙΠ"
Μεταφέρθησαν ἀπὸ τῆς χθὲς εἰς τὴν παρὰ τὸ «Κεντρικὸν Πρακτορεῖον τῶν ἐφημερίδων» καὶ ἐπὶ τῆς ὁδοῦ Αἰόλου γωνιαίαν οἰκίαν ὑπ' ἀριθ. 120.
